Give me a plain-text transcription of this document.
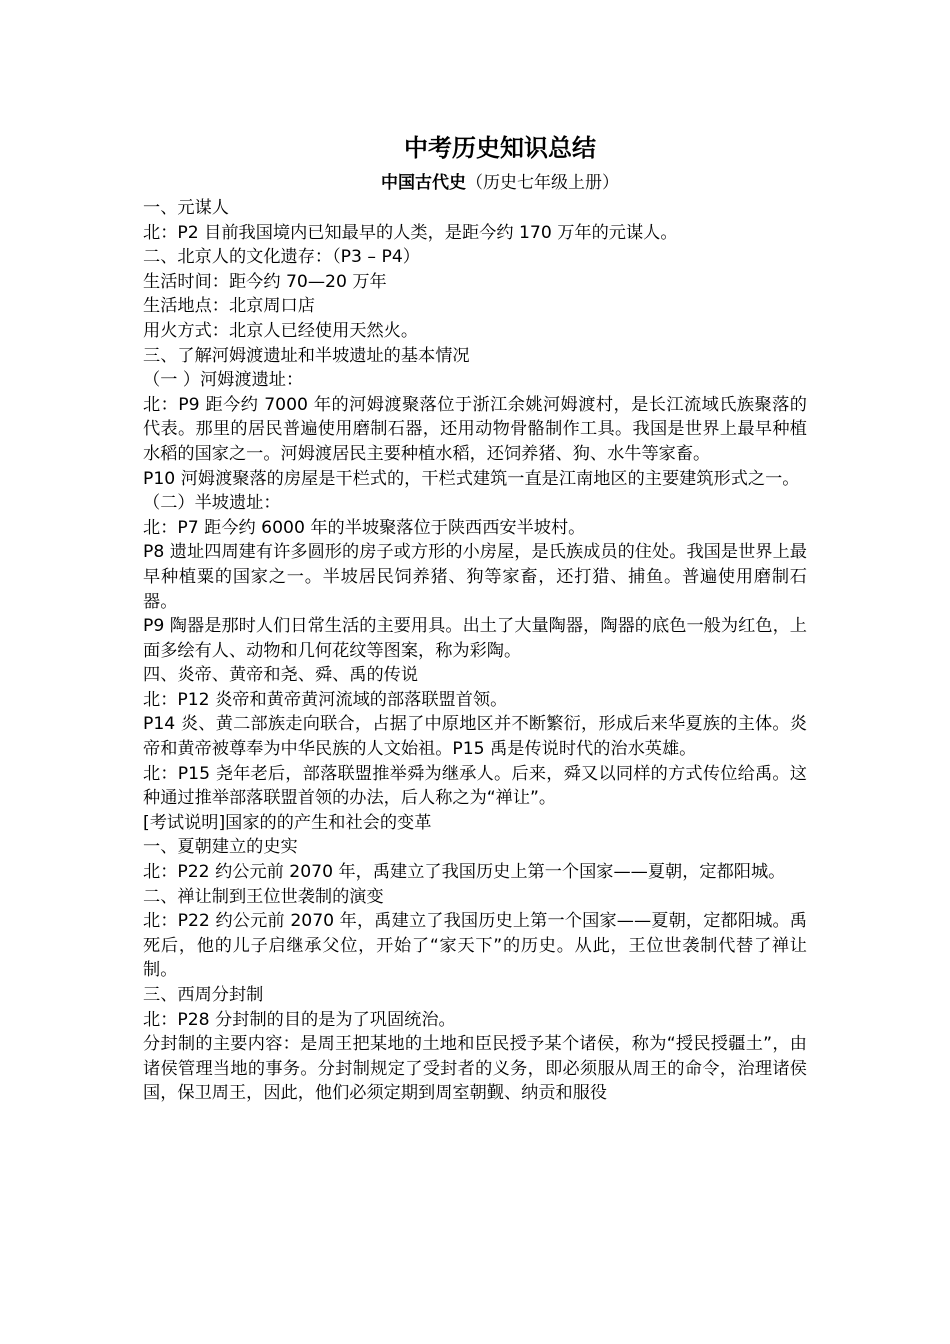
中考历史知识总结

中国古代史（历史七年级上册）

一、元谋人

北：P2 目前我国境内已知最早的人类，是距今约 170 万年的元谋人。

二、北京人的文化遗存：（P3 – P4）

生活时间：距今约 70—20 万年

生活地点：北京周口店

用火方式：北京人已经使用天然火。

三、了解河姆渡遗址和半坡遗址的基本情况

（一 ）河姆渡遗址：

北：P9 距今约 7000 年的河姆渡聚落位于浙江余姚河姆渡村，是长江流域氏族聚落的代表。那里的居民普遍使用磨制石器，还用动物骨骼制作工具。我国是世界上最早种植水稻的国家之一。河姆渡居民主要种植水稻，还饲养猪、狗、水牛等家畜。

P10 河姆渡聚落的房屋是干栏式的，干栏式建筑一直是江南地区的主要建筑形式之一。

（二）半坡遗址：

北：P7 距今约 6000 年的半坡聚落位于陕西西安半坡村。

P8 遗址四周建有许多圆形的房子或方形的小房屋，是氏族成员的住处。我国是世界上最早种植粟的国家之一。半坡居民饲养猪、狗等家畜，还打猎、捕鱼。普遍使用磨制石器。

P9 陶器是那时人们日常生活的主要用具。出土了大量陶器，陶器的底色一般为红色，上面多绘有人、动物和几何花纹等图案，称为彩陶。

四、炎帝、黄帝和尧、舜、禹的传说

北：P12 炎帝和黄帝黄河流域的部落联盟首领。

P14 炎、黄二部族走向联合，占据了中原地区并不断繁衍，形成后来华夏族的主体。炎帝和黄帝被尊奉为中华民族的人文始祖。P15 禹是传说时代的治水英雄。

北：P15 尧年老后，部落联盟推举舜为继承人。后来，舜又以同样的方式传位给禹。这种通过推举部落联盟首领的办法，后人称之为“禅让”。

[考试说明]国家的的产生和社会的变革

一、夏朝建立的史实

北：P22 约公元前 2070 年，禹建立了我国历史上第一个国家——夏朝，定都阳城。

二、禅让制到王位世袭制的演变

北：P22 约公元前 2070 年，禹建立了我国历史上第一个国家——夏朝，定都阳城。禹死后，他的儿子启继承父位，开始了“家天下”的历史。从此，王位世袭制代替了禅让制。

三、西周分封制

北：P28 分封制的目的是为了巩固统治。

分封制的主要内容：是周王把某地的土地和臣民授予某个诸侯，称为“授民授疆土”，由诸侯管理当地的事务。分封制规定了受封者的义务，即必须服从周王的命令，治理诸侯国，保卫周王，因此，他们必须定期到周室朝觐、纳贡和服役
